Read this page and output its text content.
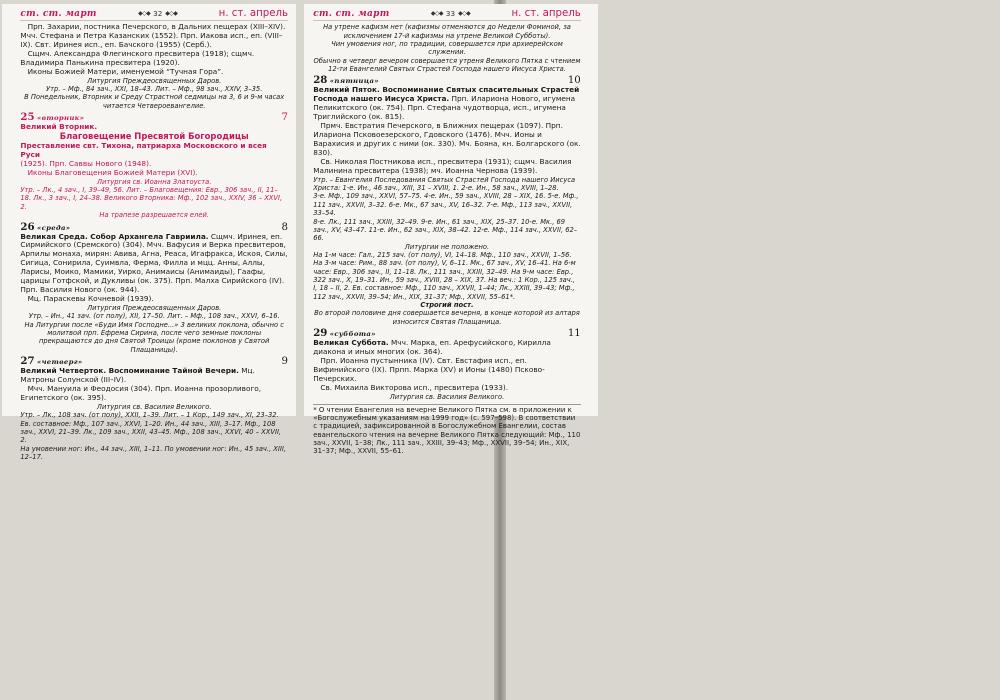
ст. ст. март	◆◇◆ 32 ◆◇◆ н. ст. апрель

Прп. Захарии, постника Печерского, в Дальних пещерах (XIII–XIV). Мчч. Стефана и Петра Казанских (1552). Прп. Иакова исп., еп. (VIII–IX). Свт. Иринея исп., еп. Бачского (1955) (Серб.).

Сщмч. Александра Флегинского пресвитера (1918); сщмч. Владимира Панькина пресвитера (1920).

Иконы Божией Матери, именуемой “Тучная Гора”.

Литургия Преждеосвященных Даров.

Утр. – Мф., 84 зач., XXI, 18–43. Лит. – Мф., 98 зач., XXIV, 3–35.

В Понедельник, Вторник и Среду Страстной седмицы на 3, 6 и 9-м часах читается Четвероевангелие.

25 «вторник»	7

Великий Вторник.

Благовещение Пресвятой Богородицы

Преставление свт. Тихона, патриарха Московского и всея Руси

(1925). Прп. Саввы Нового (1948).

Иконы Благовещения Божией Матери (XVI).

Литургия св. Иоанна Златоуста.

Утр. – Лк., 4 зач., I, 39–49, 56. Лит. – Благовещения: Евр., 306 зач., II, 11–18. Лк., 3 зач., I, 24–38. Великого Вторника: Мф., 102 зач., XXIV, 36 – XXVI, 2.

На трапезе разрешается елей.

26 «среда»	8

Великая Среда. Собор Архангела Гавриила. Сщмч. Иринея, еп. Сирмийского (Сремского) (304). Мчч. Вафусия и Верка пресвитеров, Арпилы монаха, мирян: Авива, Агна, Реаса, Игафракса, Искоя, Силы, Сигица, Сонирила, Суимвла, Ферма, Филла и мцц. Анны, Аллы, Ларисы, Моико, Мамики, Уирко, Анимаисы (Анимаиды), Гаафы, царицы Готфской, и Дукливы (ок. 375). Прп. Малха Сирийского (IV). Прп. Василия Нового (ок. 944).

Мц. Параскевы Кочневой (1939).

Литургия Преждеосвященных Даров.

Утр. – Ин., 41 зач. (от полу), XII, 17–50. Лит. – Мф., 108 зач., XXVI, 6–16.

На Литургии после «Буди Имя Господне...» 3 великих поклона, обычно с молитвой прп. Ефрема Сирина, после чего земные поклоны прекращаются до дня Святой Троицы (кроме поклонов у Святой Плащаницы).

27 «четверг»	9

Великий Четверток. Воспоминание Тайной Вечери. Мц. Матроны Солунской (III–IV).

Мчч. Мануила и Феодосия (304). Прп. Иоанна прозорливого, Египетского (ок. 395).

Литургия св. Василия Великого.

Утр. – Лк., 108 зач. (от полу), XXII, 1–39. Лит. – 1 Кор., 149 зач., XI, 23–32. Ев. составное: Мф., 107 зач., XXVI, 1–20. Ин., 44 зач., XIII, 3–17. Мф., 108 зач., XXVI, 21–39. Лк., 109 зач., XXII, 43–45. Мф., 108 зач., XXVI, 40 – XXVII, 2.

На умовении ног: Ин., 44 зач., XIII, 1–11. По умовении ног: Ин., 45 зач., XIII, 12–17.

ст. ст. март	◆◇◆ 33 ◆◇◆ н. ст. апрель

На утрене кафизм нет (кафизмы отменяются до Недели Фоминой, за исключением 17-й кафизмы на утрене Великой Субботы).

Чин умовения ног, по традиции, совершается при архиерейском служении.

Обычно в четверг вечером совершается утреня Великого Пятка с чтением 12-ти Евангелий Святых Страстей Господа нашего Иисуса Христа.

28 «пятница»	10

Великий Пяток. Воспоминание Святых спасительных Страстей Господа нашего Иисуса Христа. Прп. Илариона Нового, игумена Пеликитского (ок. 754). Прп. Стефана чудотворца, исп., игумена Триглийского (ок. 815).

Прмч. Евстратия Печерского, в Ближних пещерах (1097). Прп. Илариона Псковоезерского, Гдовского (1476). Мчч. Ионы и Варахисия и других с ними (ок. 330). Мч. Бояна, кн. Болгарского (ок. 830).

Св. Николая Постникова исп., пресвитера (1931); сщмч. Василия Малинина пресвитера (1938); мч. Иоанна Чернова (1939).

Утр. – Евангелия Последования Святых Страстей Господа нашего Иисуса Христа: 1-е. Ин., 46 зач., XIII, 31 – XVIII, 1. 2-е. Ин., 58 зач., XVIII, 1–28.

3-е. Мф., 109 зач., XXVI, 57–75. 4-е. Ин., 59 зач., XVIII, 28 – XIX, 16. 5-е. Мф., 111 зач., XXVII, 3–32. 6-е. Мк., 67 зач., XV, 16–32. 7-е. Мф., 113 зач., XXVII, 33–54.

8-е. Лк., 111 зач., XXIII, 32–49. 9-е. Ин., 61 зач., XIX, 25–37. 10-е. Мк., 69 зач., XV, 43–47. 11-е. Ин., 62 зач., XIX, 38–42. 12-е. Мф., 114 зач., XXVII, 62–66.

Литургии не положено.

На 1-м часе: Гал., 215 зач. (от полу), VI, 14–18. Мф., 110 зач., XXVII, 1–56. На 3-м часе: Рим., 88 зач. (от полу), V, 6–11. Мк., 67 зач., XV, 16–41. На 6-м часе: Евр., 306 зач., II, 11–18. Лк., 111 зач., XXIII, 32–49. На 9-м часе: Евр., 322 зач., X, 19–31. Ин., 59 зач., XVIII, 28 – XIX, 37. На веч.: 1 Кор., 125 зач., I, 18 – II, 2. Ев. составное: Мф., 110 зач., XXVII, 1–44; Лк., XXIII, 39–43; Мф., 112 зач., XXVII, 39–54; Ин., XIX, 31–37; Мф., XXVII, 55–61*.

Строгий пост.

Во второй половине дня совершается вечерня, в конце которой из алтаря износится Святая Плащаница.

29 «суббота»	11

Великая Суббота. Мчч. Марка, еп. Арефусийского, Кирилла диакона и иных многих (ок. 364).

Прп. Иоанна пустынника (IV). Свт. Евстафия исп., еп. Вифинийского (IX). Прпп. Марка (XV) и Ионы (1480) Псково-Печерских.

Св. Михаила Викторова исп., пресвитера (1933).

Литургия св. Василия Великого.

* О чтении Евангелия на вечерне Великого Пятка см. в приложении к «Богослужебным указаниям на 1999 год» (с. 597–598). В соответствии с традицией, зафиксированной в Богослужебном Евангелии, состав евангельского чтения на вечерне Великого Пятка следующий: Мф., 110 зач., XXVII, 1–38; Лк., 111 зач., XXIII, 39–43; Мф., XXVII, 39–54; Ин., XIX, 31–37; Мф., XXVII, 55–61.
